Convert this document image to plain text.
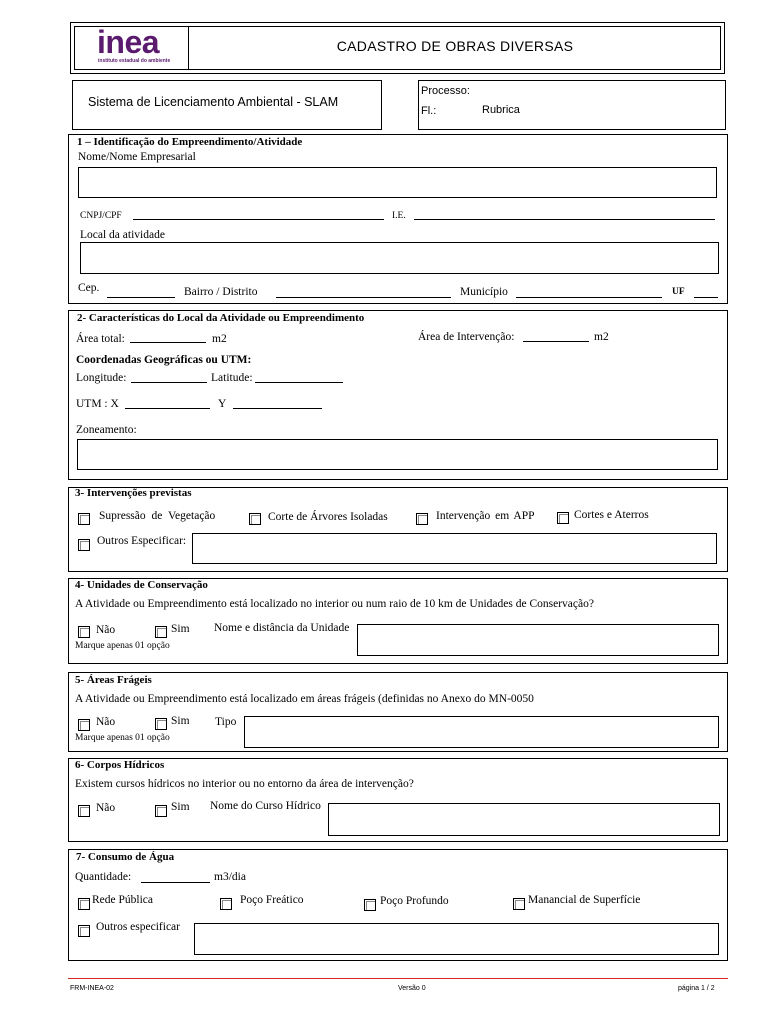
inea
instituto estadual do ambiente
CADASTRO DE OBRAS DIVERSAS
Sistema de Licenciamento Ambiental - SLAM
Processo:
Fl.:	Rubrica
1 – Identificação do Empreendimento/Atividade
Nome/Nome Empresarial
CNPJ/CPF	I.E.
Local da atividade
Cep.	Bairro / Distrito	Município	UF
2- Características do Local da Atividade ou Empreendimento
Área total:	m2	Área de Intervenção:	m2
Coordenadas Geográficas ou UTM:
Longitude:	Latitude:
UTM : X	Y
Zoneamento:
3- Intervenções previstas
Supressão de Vegetação	Corte de Árvores Isoladas	Intervenção em APP	Cortes e Aterros
Outros Especificar:
4- Unidades de Conservação
A Atividade ou Empreendimento está localizado no interior ou num raio de 10 km de Unidades de Conservação?
Não	Sim Nome e distância da Unidade
Marque apenas 01 opção
5- Áreas Frágeis
A Atividade ou Empreendimento está localizado em áreas frágeis (definidas no Anexo do MN-0050
Não	Sim Tipo
Marque apenas 01 opção
6- Corpos Hídricos
Existem cursos hídricos no interior ou no entorno da área de intervenção?
Não	Sim Nome do Curso Hídrico
7- Consumo de Água
Quantidade:	m3/dia
Rede Pública	Poço Freático	Poço Profundo	Manancial de Superfície
Outros especificar
FRM-INEA-02	Versão 0	página 1 / 2
